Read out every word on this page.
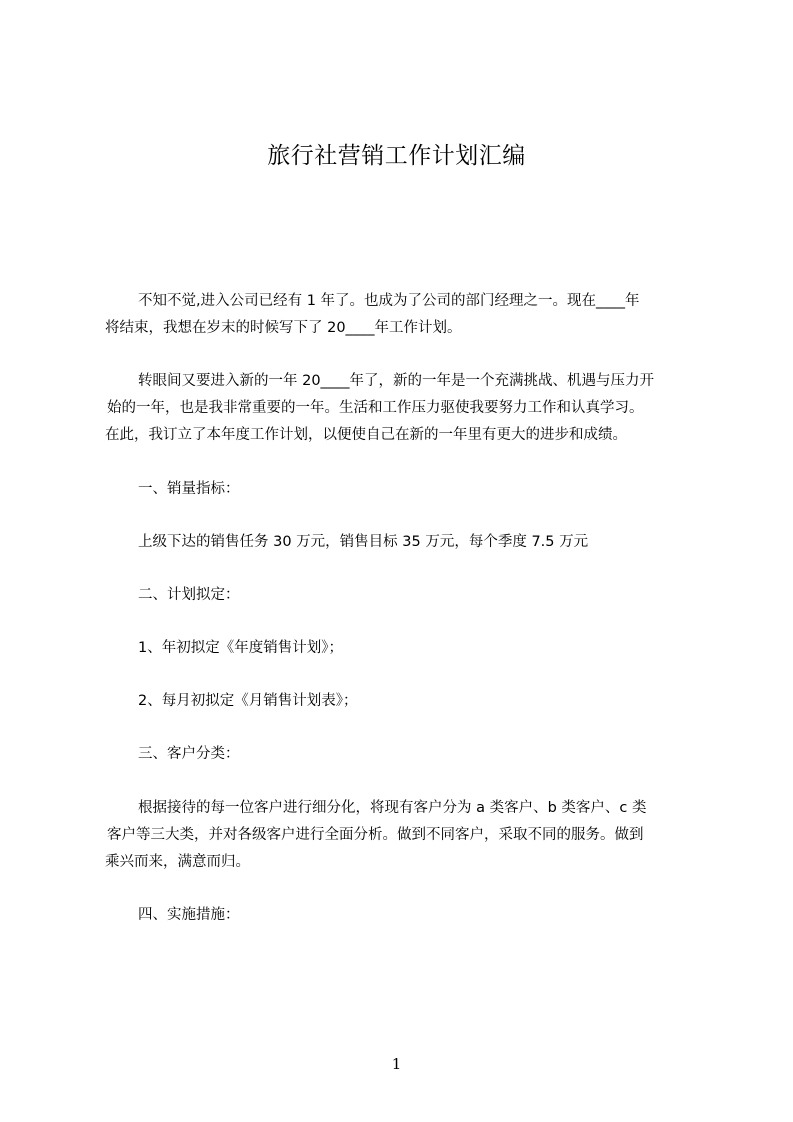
旅行社营销工作计划汇编
不知不觉,进入公司已经有 1 年了。也成为了公司的部门经理之一。现在____年
将结束，我想在岁末的时候写下了 20____年工作计划。
转眼间又要进入新的一年 20____年了，新的一年是一个充满挑战、机遇与压力开
始的一年，也是我非常重要的一年。生活和工作压力驱使我要努力工作和认真学习。
在此，我订立了本年度工作计划，以便使自己在新的一年里有更大的进步和成绩。
一、销量指标：
上级下达的销售任务 30 万元，销售目标 35 万元，每个季度 7.5 万元
二、计划拟定：
1、年初拟定《年度销售计划》；
2、每月初拟定《月销售计划表》；
三、客户分类：
根据接待的每一位客户进行细分化，将现有客户分为 a 类客户、b 类客户、c 类
客户等三大类，并对各级客户进行全面分析。做到不同客户，采取不同的服务。做到
乘兴而来，满意而归。
四、实施措施：
1
